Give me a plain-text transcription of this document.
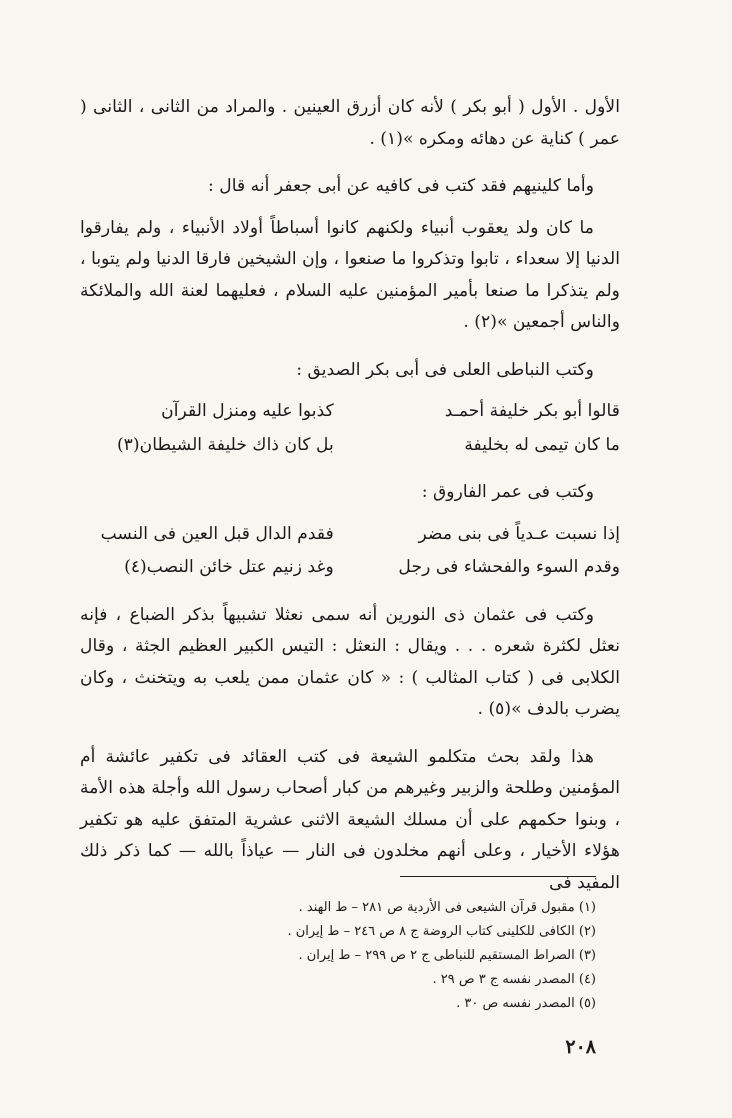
الأول . الأول ( أبو بكر ) لأنه كان أزرق العينين . والمراد من الثانى ، الثانى ( عمر ) كناية عن دهائه ومكره »(١) .

وأما كلينيهم فقد كتب فى كافيه عن أبى جعفر أنه قال :

ما كان ولد يعقوب أنبياء ولكنهم كانوا أسباطاً أولاد الأنبياء ، ولم يفارقوا الدنيا إلا سعداء ، تابوا وتذكروا ما صنعوا ، وإن الشيخين فارقا الدنيا ولم يتوبا ، ولم يتذكرا ما صنعا بأمير المؤمنين عليه السلام ، فعليهما لعنة الله والملائكة والناس أجمعين »(٢) .

وكتب النباطى العلى فى أبى بكر الصديق :

قالوا أبو بكر خليفة أحمـد
كذبوا عليه ومنزل القرآن
ما كان تيمى له بخليفة
بل كان ذاك خليفة الشيطان(٣)

وكتب فى عمر الفاروق :

إذا نسبت عـدياً فى بنى مضر
فقدم الدال قبل العين فى النسب
وقدم السوء والفحشاء فى رجل
وغد زنيم عتل خائن النصب(٤)

وكتب فى عثمان ذى النورين أنه سمى نعثلا تشبيهاً بذكر الضباع ، فإنه نعثل لكثرة شعره . . . ويقال : النعثل : التيس الكبير العظيم الجثة ، وقال الكلابى فى ( كتاب المثالب ) : « كان عثمان ممن يلعب به ويتخنث ، وكان يضرب بالدف »(٥) .

هذا ولقد بحث متكلمو الشيعة فى كتب العقائد فى تكفير عائشة أم المؤمنين وطلحة والزبير وغيرهم من كبار أصحاب رسول الله وأجلة هذه الأمة ، وبنوا حكمهم على أن مسلك الشيعة الاثنى عشرية المتفق عليه هو تكفير هؤلاء الأخيار ، وعلى أنهم مخلدون فى النار — عياذاً بالله — كما ذكر ذلك المفيد فى

(١) مقبول قرآن الشيعى فى الأردية ص ٢٨١ – ط الهند .
(٢) الكافى للكلينى كتاب الروضة ج ٨ ص ٢٤٦ – ط إيران .
(٣) الصراط المستقيم للنباطى ج ٢ ص ٢٩٩ – ط إيران .
(٤) المصدر نفسه ج ٣ ص ٢٩ .
(٥) المصدر نفسه ص ٣٠ .
٢٠٨
